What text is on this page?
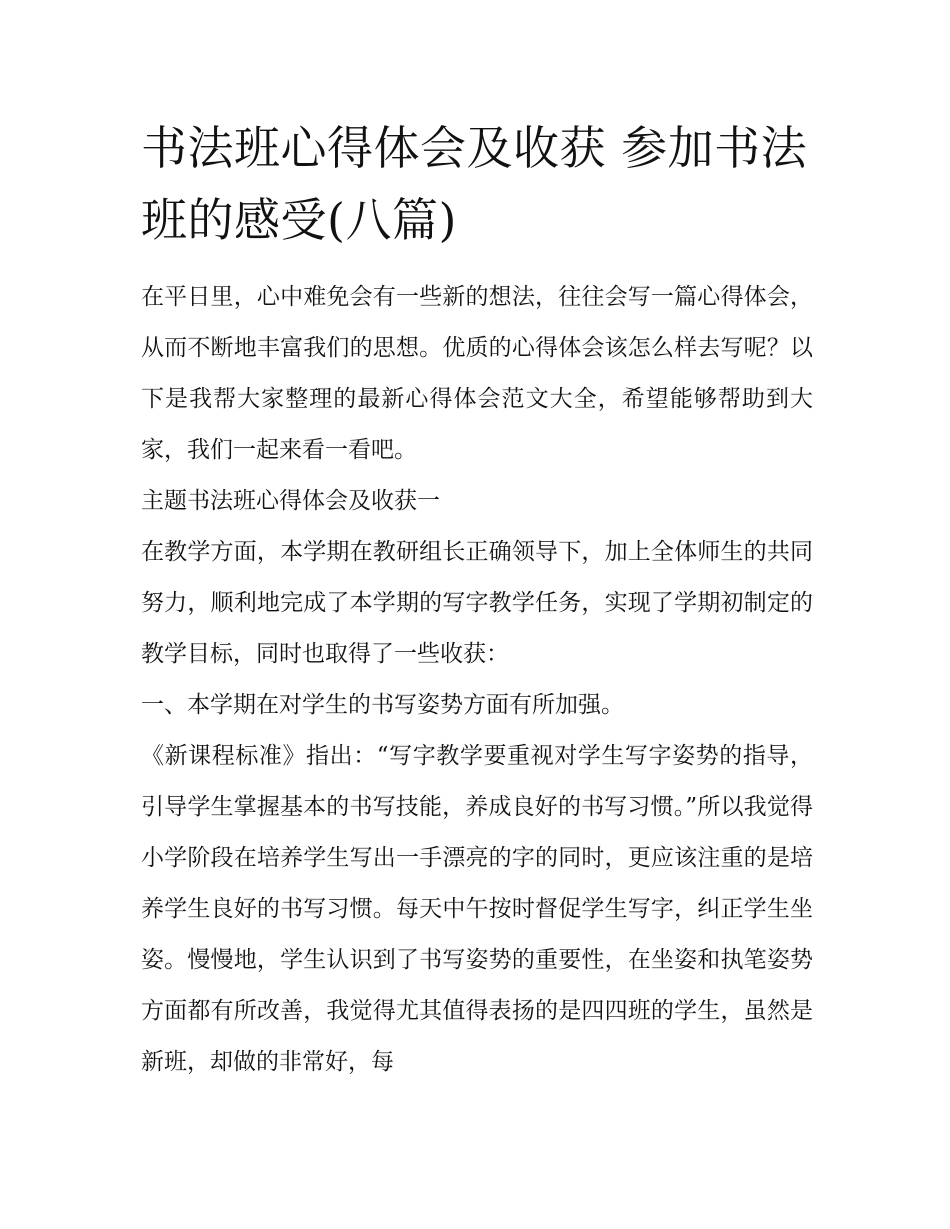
书法班心得体会及收获 参加书法班的感受(八篇)

在平日里，心中难免会有一些新的想法，往往会写一篇心得体会，从而不断地丰富我们的思想。优质的心得体会该怎么样去写呢？以下是我帮大家整理的最新心得体会范文大全，希望能够帮助到大家，我们一起来看一看吧。

主题书法班心得体会及收获一

在教学方面，本学期在教研组长正确领导下，加上全体师生的共同努力，顺利地完成了本学期的写字教学任务，实现了学期初制定的教学目标，同时也取得了一些收获：

一、本学期在对学生的书写姿势方面有所加强。

《新课程标准》指出：“写字教学要重视对学生写字姿势的指导，引导学生掌握基本的书写技能，养成良好的书写习惯。”所以我觉得小学阶段在培养学生写出一手漂亮的字的同时，更应该注重的是培养学生良好的书写习惯。每天中午按时督促学生写字，纠正学生坐姿。慢慢地，学生认识到了书写姿势的重要性，在坐姿和执笔姿势方面都有所改善，我觉得尤其值得表扬的是四四班的学生，虽然是新班，却做的非常好，每
